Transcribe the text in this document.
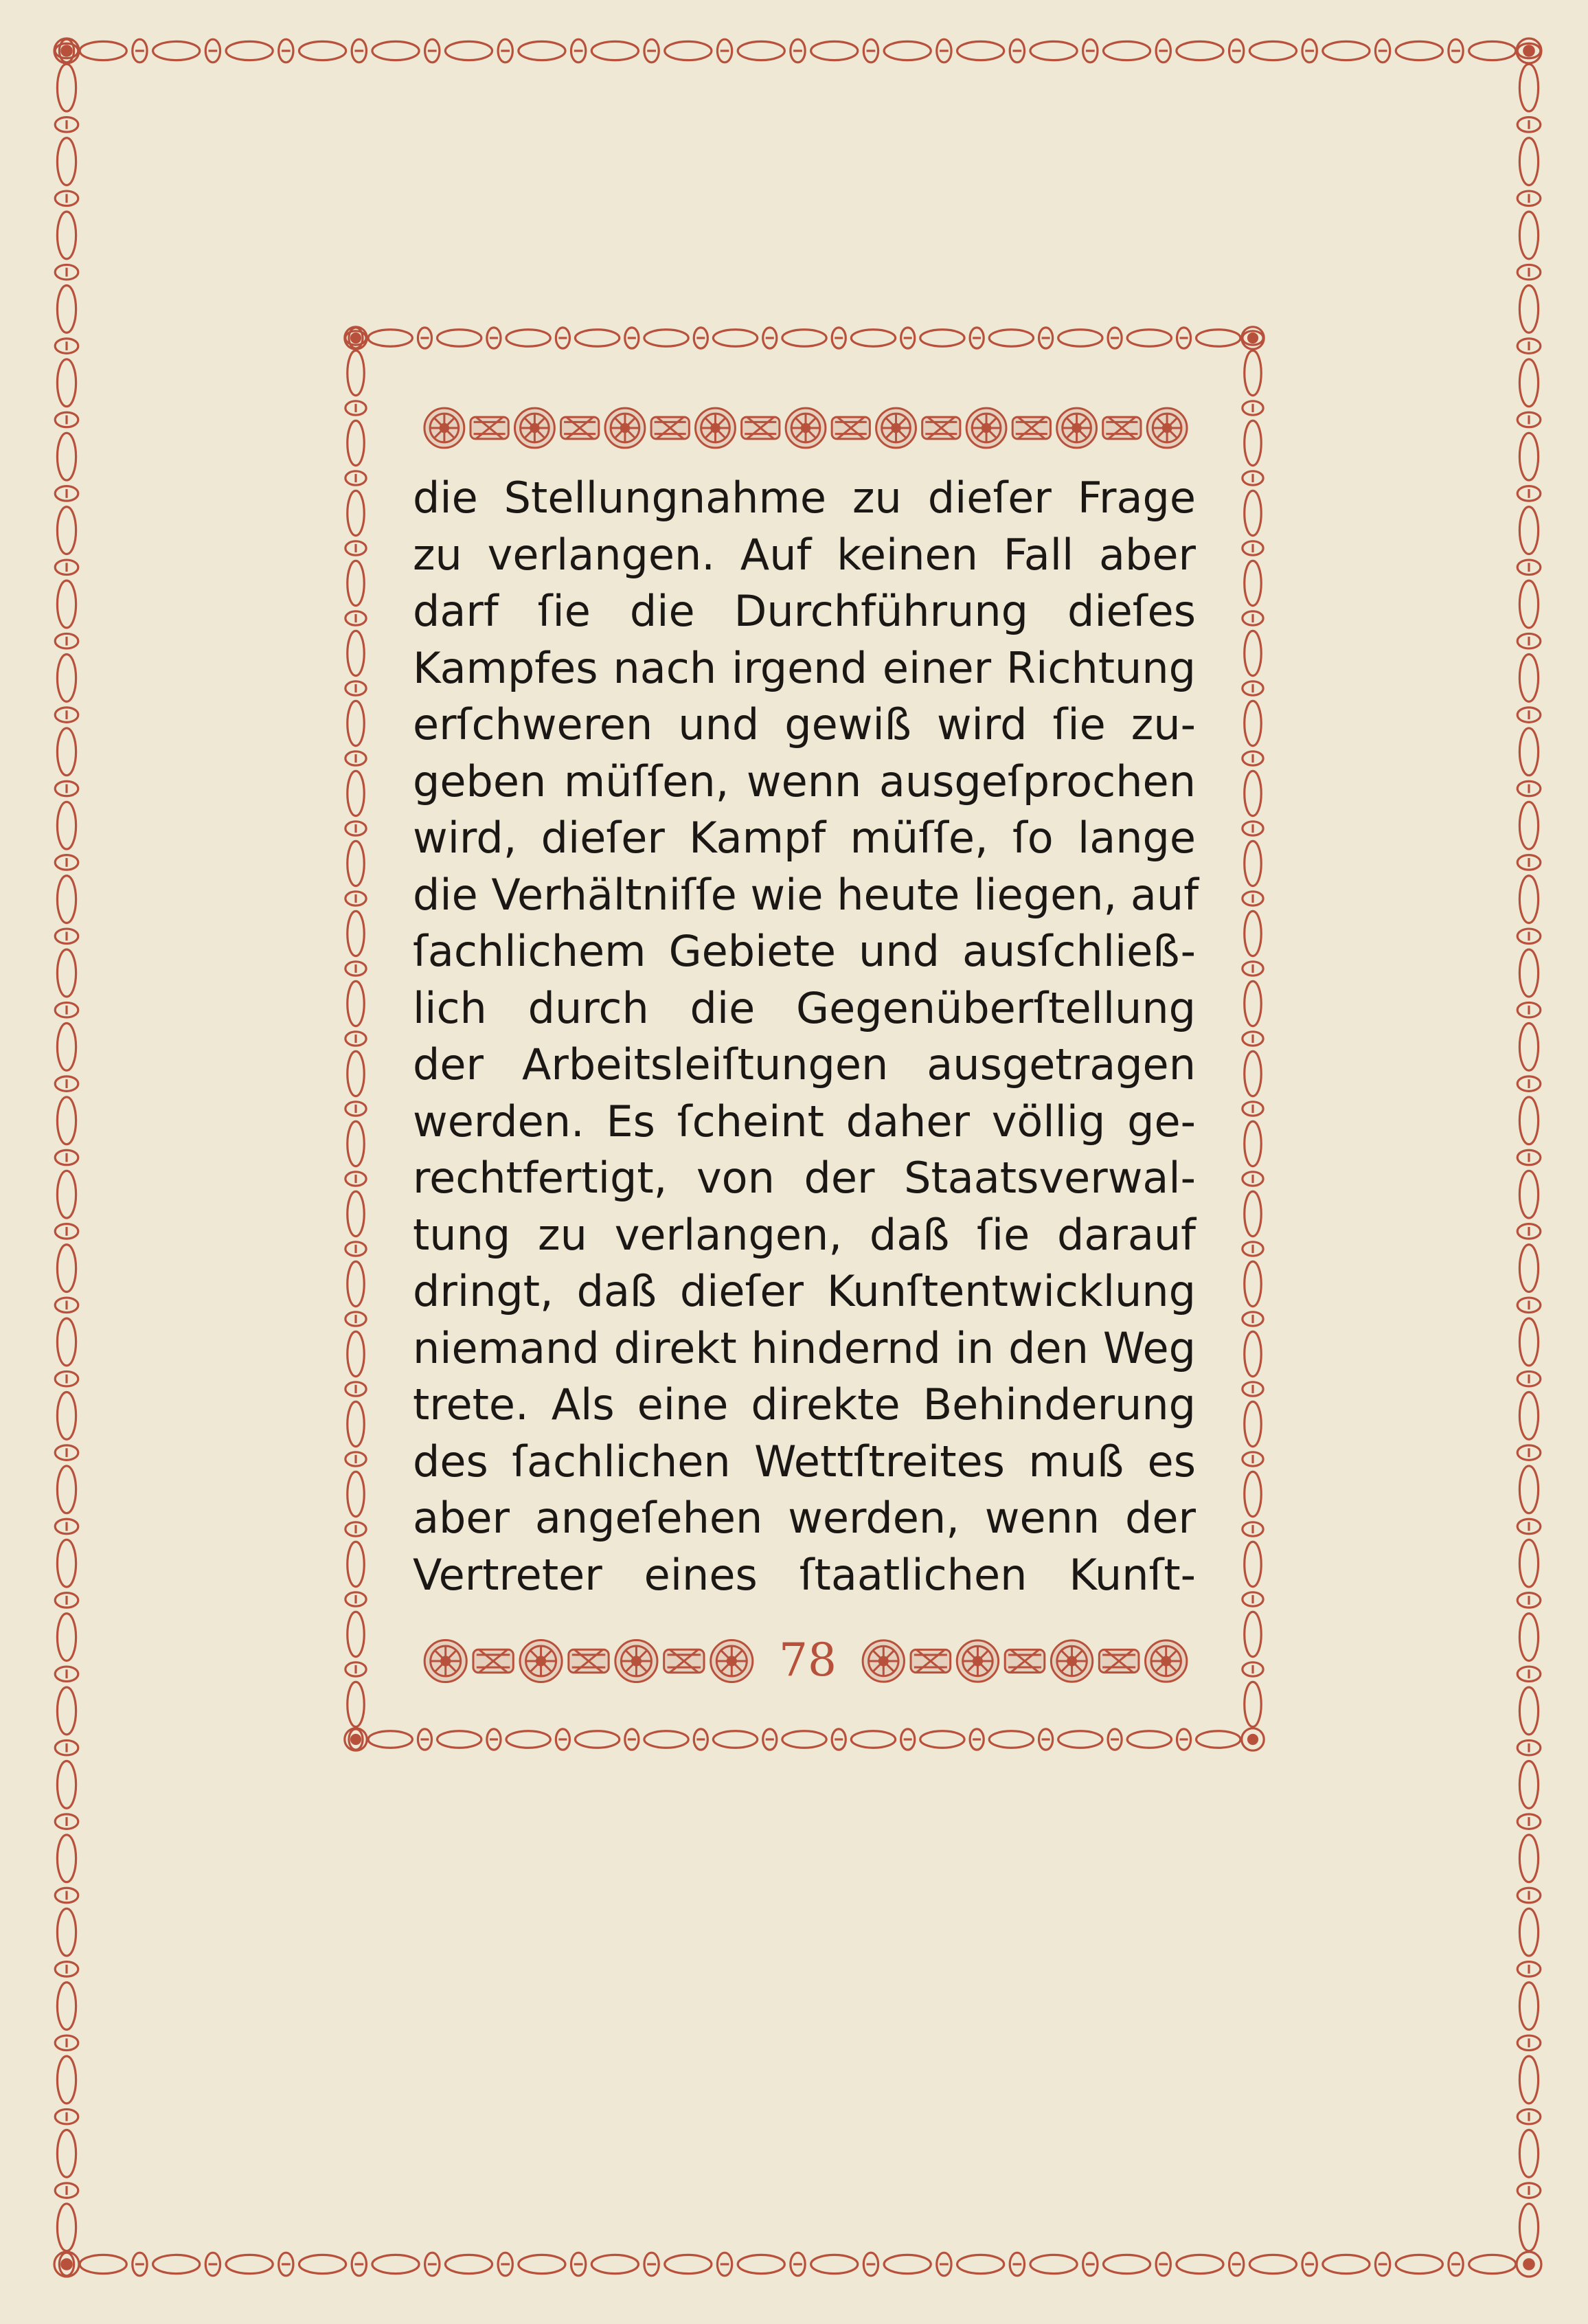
die Stellungnahme zu dieſer Frage
zu verlangen. Auf keinen Fall aber
darf ſie die Durchführung dieſes
Kampfes nach irgend einer Richtung
erſchweren und gewiß wird ſie zu-
geben müſſen, wenn ausgeſprochen
wird, dieſer Kampf müſſe, ſo lange
die Verhältniſſe wie heute liegen, auf
ſachlichem Gebiete und ausſchließ-
lich durch die Gegenüberſtellung
der Arbeitsleiſtungen ausgetragen
werden. Es ſcheint daher völlig ge-
rechtfertigt, von der Staatsverwal-
tung zu verlangen, daß ſie darauf
dringt, daß dieſer Kunſtentwicklung
niemand direkt hindernd in den Weg
trete. Als eine direkte Behinderung
des ſachlichen Wettſtreites muß es
aber angeſehen werden, wenn der
Vertreter eines ſtaatlichen Kunſt-
78
